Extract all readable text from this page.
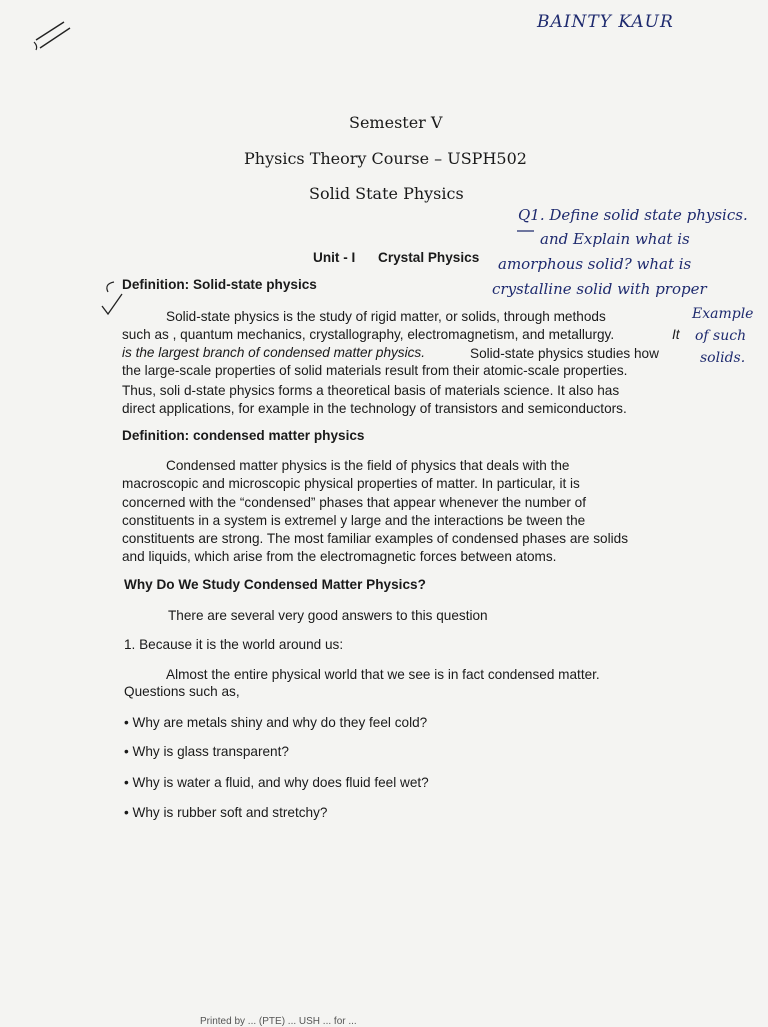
BAINTY KAUR
Semester V
Physics Theory Course – USPH502
Solid State Physics
Q1. Define solid state physics.
and Explain what is
amorphous solid? what is
crystalline solid with proper
Example
of such
solids.
Unit - I Crystal Physics
Definition: Solid-state physics
Solid-state physics is the study of rigid matter, or solids, through methods
such as , quantum mechanics, crystallography, electromagnetism, and metallurgy.	It
is the largest branch of condensed matter physics.	Solid-state physics studies how
the large-scale properties of solid materials result from their atomic-scale properties.
Thus, soli d-state physics forms a theoretical basis of materials science. It also has
direct applications, for example in the technology of transistors and semiconductors.
Definition: condensed matter physics
Condensed matter physics is the field of physics that deals with the
macroscopic and microscopic physical properties of matter. In particular, it is
concerned with the “condensed” phases that appear whenever the number of
constituents in a system is extremel y large and the interactions be tween the
constituents are strong. The most familiar examples of condensed phases are solids
and liquids, which arise from the electromagnetic forces between atoms.
Why Do We Study Condensed Matter Physics?
There are several very good answers to this question
1. Because it is the world around us:
Almost the entire physical world that we see is in fact condensed matter.
Questions such as,
• Why are metals shiny and why do they feel cold?
• Why is glass transparent?
• Why is water a fluid, and why does fluid feel wet?
• Why is rubber soft and stretchy?
Printed by ... (PTE) ... USH ... for ...
